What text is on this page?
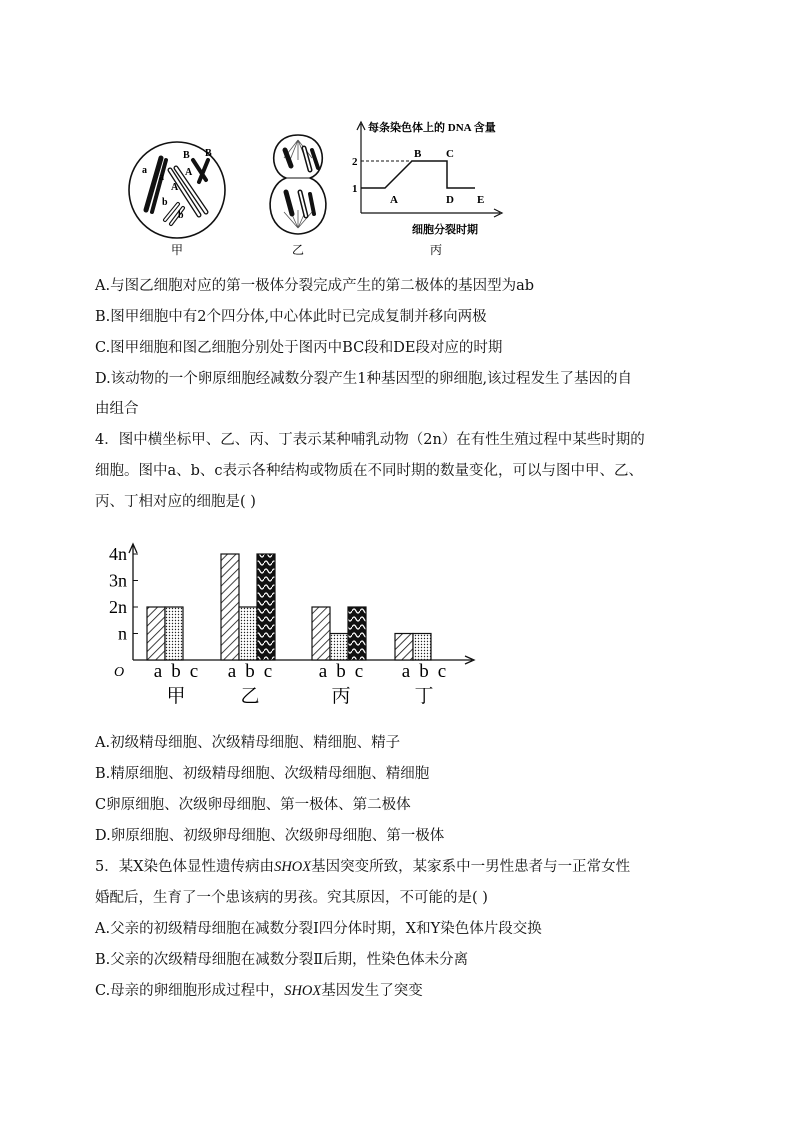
a
a
B B
A
A
b
b
甲	乙
每条染色体上的 DNA 含量
2
1
A
B C
D E
细胞分裂时期
丙
A.与图乙细胞对应的第一极体分裂完成产生的第二极体的基因型为ab
B.图甲细胞中有2个四分体,中心体此时已完成复制并移向两极
C.图甲细胞和图乙细胞分别处于图丙中BC段和DE段对应的时期
D.该动物的一个卵原细胞经减数分裂产生1种基因型的卵细胞,该过程发生了基因的自
由组合
4．图中横坐标甲、乙、丙、丁表示某种哺乳动物（2n）在有性生殖过程中某些时期的
细胞。图中a、b、c表示各种结构或物质在不同时期的数量变化，可以与图中甲、乙、
丙、丁相对应的细胞是( )
n
2n
3n
4n
O a b c
甲
a b c
乙
a b c
丙
a b c
丁
A.初级精母细胞、次级精母细胞、精细胞、精子
B.精原细胞、初级精母细胞、次级精母细胞、精细胞
C卵原细胞、次级卵母细胞、第一极体、第二极体
D.卵原细胞、初级卵母细胞、次级卵母细胞、第一极体
5．某X染色体显性遗传病由SHOX基因突变所致，某家系中一男性患者与一正常女性
婚配后，生育了一个患该病的男孩。究其原因，不可能的是( )
A.父亲的初级精母细胞在减数分裂Ⅰ四分体时期，X和Y染色体片段交换
B.父亲的次级精母细胞在减数分裂Ⅱ后期，性染色体未分离
C.母亲的卵细胞形成过程中，SHOX基因发生了突变
